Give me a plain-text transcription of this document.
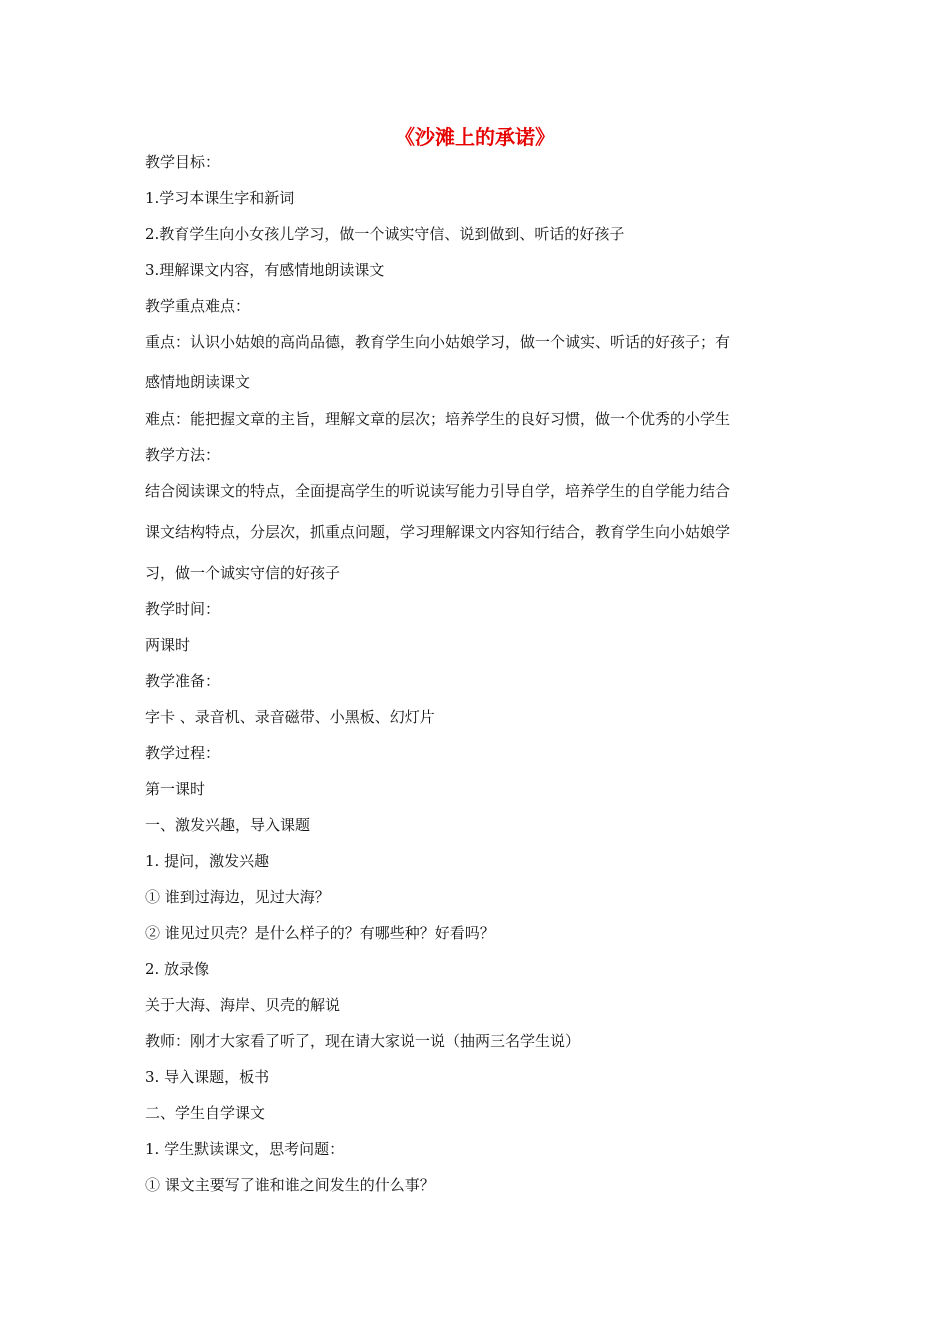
《沙滩上的承诺》
教学目标：
1.学习本课生字和新词
2.教育学生向小女孩儿学习，做一个诚实守信、说到做到、听话的好孩子
3.理解课文内容，有感情地朗读课文
教学重点难点：
重点：认识小姑娘的高尚品德，教育学生向小姑娘学习，做一个诚实、听话的好孩子；有
感情地朗读课文
难点：能把握文章的主旨，理解文章的层次；培养学生的良好习惯，做一个优秀的小学生
教学方法：
结合阅读课文的特点，全面提高学生的听说读写能力引导自学，培养学生的自学能力结合
课文结构特点，分层次，抓重点问题，学习理解课文内容知行结合，教育学生向小姑娘学
习，做一个诚实守信的好孩子
教学时间：
两课时
教学准备：
字卡 、录音机、录音磁带、小黑板、幻灯片
教学过程：
第一课时
一、激发兴趣，导入课题
1. 提问，激发兴趣
① 谁到过海边，见过大海？
② 谁见过贝壳？是什么样子的？有哪些种？好看吗？
2. 放录像
关于大海、海岸、贝壳的解说
教师：刚才大家看了听了，现在请大家说一说（抽两三名学生说）
3. 导入课题，板书
二、学生自学课文
1. 学生默读课文，思考问题：
① 课文主要写了谁和谁之间发生的什么事？
